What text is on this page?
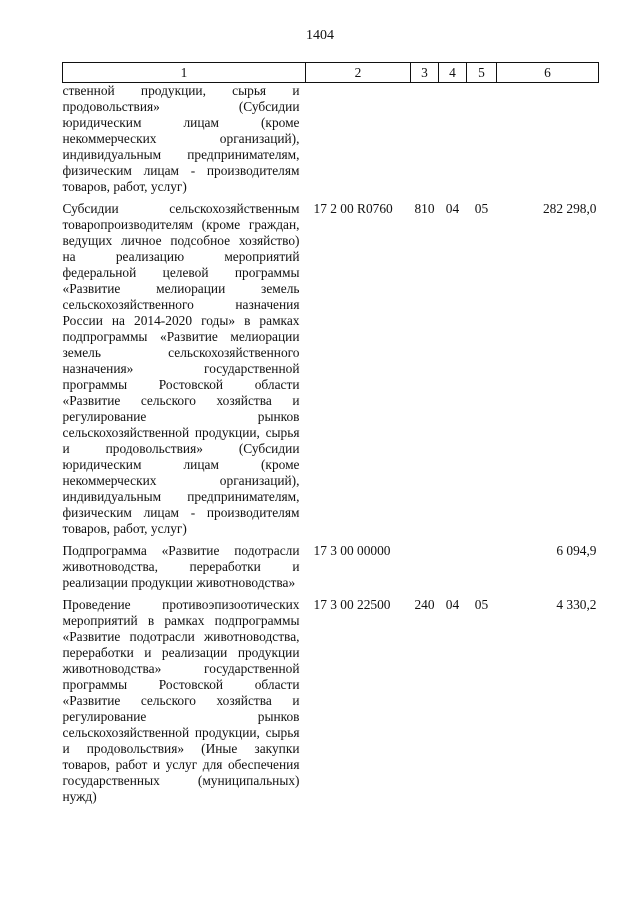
1404
1	2	3	4	5	6
ственной продукции, сырья и продовольствия» (Субсидии юридическим лицам (кромe некоммерческих организаций), индивидуальным предпринимателям, физическим лицам - производителям товаров, работ, услуг)					

Субсидии сельскохозяйственным товаропроизводителям (кроме граждан, ведущих личное подсобное хозяйство) на реализацию мероприятий федеральной целевой программы «Развитие мелиорации земель сельскохозяйственного назначения России на 2014-2020 годы» в рамках подпрограммы «Развитие мелиорации земель сельскохозяйственного назначения» государственной программы Ростовской области «Развитие сельского хозяйства и регулирование рынков сельскохозяйственной продукции, сырья и продовольствия» (Субсидии юридическим лицам (кроме некоммерческих организаций), индивидуальным предпринимателям, физическим лицам - производителям товаров, работ, услуг)	17 2 00 R0760	810	04	05	282 298,0

Подпрограмма «Развитие подотрасли животноводства, переработки и реализации продукции животноводства»	17 3 00 00000				6 094,9

Проведение противоэпизоотических мероприятий в рамках подпрограммы «Развитие подотрасли животноводства, переработки и реализации продукции животноводства» государственной программы Ростовской области «Развитие сельского хозяйства и регулирование рынков сельскохозяйственной продукции, сырья и продовольствия» (Иные закупки товаров, работ и услуг для обеспечения государственных (муниципальных) нужд)	17 3 00 22500	240	04	05	4 330,2
